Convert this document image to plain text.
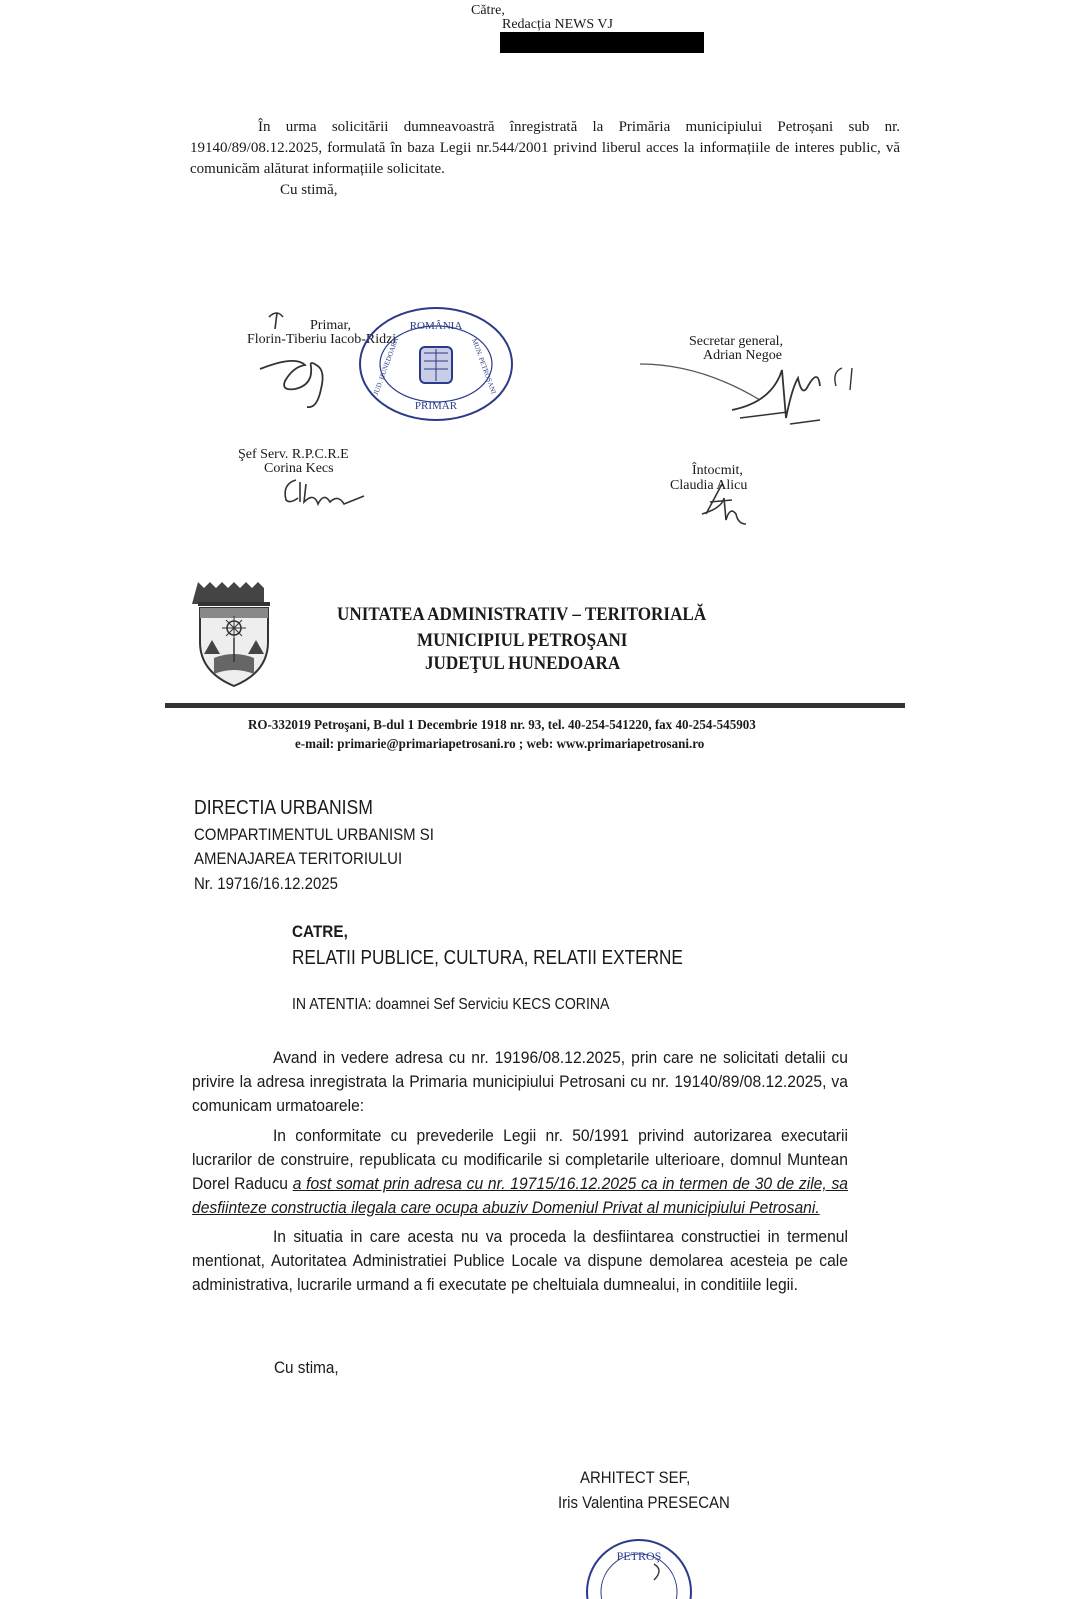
Către,
Redacția NEWS VJ
În urma solicitării dumneavoastră înregistrată la Primăria municipiului Petroșani sub nr. 19140/89/08.12.2025, formulată în baza Legii nr.544/2001 privind liberul acces la informațiile de interes public, vă comunicăm alăturat informațiile solicitate.
Cu stimă,
Primar,
Florin-Tiberiu Iacob-Ridzi
ROMÂNIA
PRIMAR
JUD. HUNEDOARA	MUN. PETROŞANI	Secretar general,
Adrian Negoe
Şef Serv. R.P.C.R.E
Corina Kecs	Întocmit,
Claudia Alicu
UNITATEA ADMINISTRATIV – TERITORIALĂ
MUNICIPIUL PETROŞANI
JUDEŢUL HUNEDOARA
RO-332019 Petroşani, B-dul 1 Decembrie 1918 nr. 93, tel. 40-254-541220, fax 40-254-545903
e-mail: primarie@primariapetrosani.ro ; web: www.primariapetrosani.ro
DIRECTIA URBANISM
COMPARTIMENTUL URBANISM SI
AMENAJAREA TERITORIULUI
Nr. 19716/16.12.2025
CATRE,
RELATII PUBLICE, CULTURA, RELATII EXTERNE
IN ATENTIA: doamnei Sef Serviciu KECS CORINA
Avand in vedere adresa cu nr. 19196/08.12.2025, prin care ne solicitati detalii cu privire la adresa inregistrata la Primaria municipiului Petrosani cu nr. 19140/89/08.12.2025, va comunicam urmatoarele:
In conformitate cu prevederile Legii nr. 50/1991 privind autorizarea executarii lucrarilor de construire, republicata cu modificarile si completarile ulterioare, domnul Muntean Dorel Raducu a fost somat prin adresa cu nr. 19715/16.12.2025 ca in termen de 30 de zile, sa desfiinteze constructia ilegala care ocupa abuziv Domeniul Privat al municipiului Petrosani.
In situatia in care acesta nu va proceda la desfiintarea constructiei in termenul mentionat, Autoritatea Administratiei Publice Locale va dispune demolarea acesteia pe cale administrativa, lucrarile urmand a fi executate pe cheltuiala dumnealui, in conditiile legii.
Cu stima,
ARHITECT SEF,
Iris Valentina PRESECAN
PETROŞ
